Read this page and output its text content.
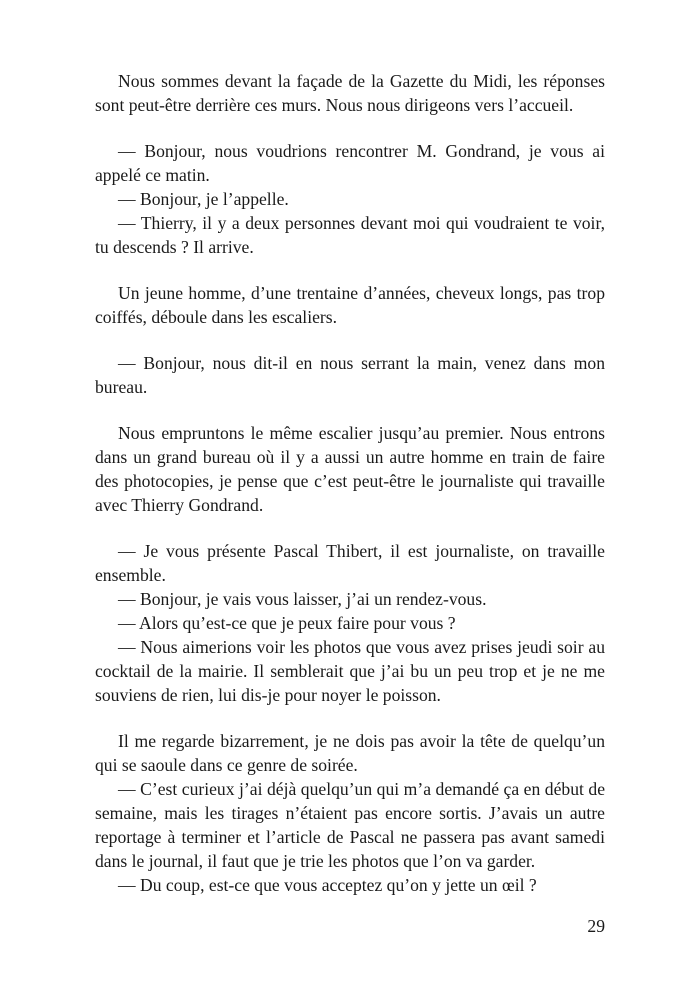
Nous sommes devant la façade de la Gazette du Midi, les réponses sont peut-être derrière ces murs. Nous nous dirigeons vers l’accueil.

— Bonjour, nous voudrions rencontrer M. Gondrand, je vous ai appelé ce matin.

— Bonjour, je l’appelle.

— Thierry, il y a deux personnes devant moi qui voudraient te voir, tu descends ? Il arrive.

Un jeune homme, d’une trentaine d’années, cheveux longs, pas trop coiffés, déboule dans les escaliers.

— Bonjour, nous dit-il en nous serrant la main, venez dans mon bureau.

Nous empruntons le même escalier jusqu’au premier. Nous entrons dans un grand bureau où il y a aussi un autre homme en train de faire des photocopies, je pense que c’est peut-être le journaliste qui travaille avec Thierry Gondrand.

— Je vous présente Pascal Thibert, il est journaliste, on travaille ensemble.

— Bonjour, je vais vous laisser, j’ai un rendez-vous.

— Alors qu’est-ce que je peux faire pour vous ?

— Nous aimerions voir les photos que vous avez prises jeudi soir au cocktail de la mairie. Il semblerait que j’ai bu un peu trop et je ne me souviens de rien, lui dis-je pour noyer le poisson.

Il me regarde bizarrement, je ne dois pas avoir la tête de quelqu’un qui se saoule dans ce genre de soirée.

— C’est curieux j’ai déjà quelqu’un qui m’a demandé ça en début de semaine, mais les tirages n’étaient pas encore sortis. J’avais un autre reportage à terminer et l’article de Pascal ne passera pas avant samedi dans le journal, il faut que je trie les photos que l’on va garder.

— Du coup, est-ce que vous acceptez qu’on y jette un œil ?

29
